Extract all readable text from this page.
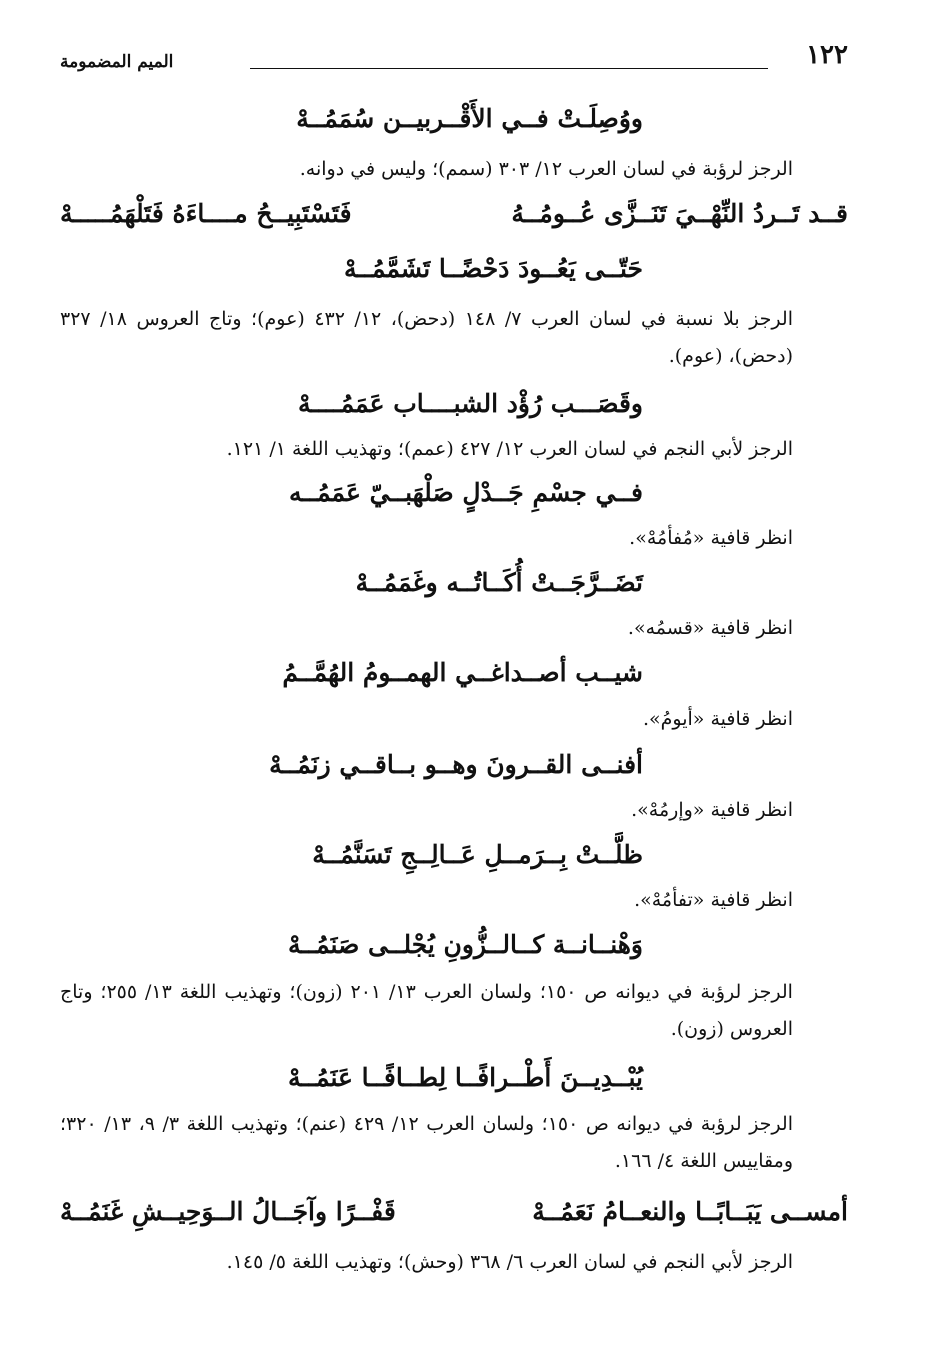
١٢٢
الميم المضمومة
ووُصِلَـتْ فــي الأَقْــربيــن سُمَمُــهْ
الرجز لرؤبة في لسان العرب ١٢/ ٣٠٣ (سمم)؛ وليس في دوانه.
قــد تَــردُ النِّهْــيَ تَنَــزَّى عُــومُــهُ
فَتَسْتَبِيــحُ مــــاءَهُ فَتَلْهَمُـــــهْ
حَتّــى يَعُــودَ دَحْضًــا تَشَمَّمُــهْ
الرجز بلا نسبة في لسان العرب ٧/ ١٤٨ (دحض)، ١٢/ ٤٣٢ (عوم)؛ وتاج العروس ١٨/ ٣٢٧ (دحض)، (عوم).
وقَصَـــب رُؤْد الشبــــاب عَمَمُــــهْ
الرجز لأبي النجم في لسان العرب ١٢/ ٤٢٧ (عمم)؛ وتهذيب اللغة ١/ ١٢١.
فــي جسْمِ جَــدْلٍ صَلْهَبــيّ عَمَمُــه
انظر قافية «مُفأمُهْ».
تَضَــرَّجَــتْ أُكَــاتُــه وغَمَمُــهْ
انظر قافية «قسمُه».
شيــب أصــداغــي الهمــومُ الهُمَّــمُ
انظر قافية «أيومُ».
أفنــى القــرونَ وهــو بــاقــي زنَمُــهْ
انظر قافية «وإرمُهْ».
ظلَّــتْ بِــرَمــلِ عَــالِــجِ تَسَنَّمُــهْ
انظر قافية «تفأمُهْ».
وَهْنــانــة كــالــزُّونِ يُجْلــى صَنَمُــهْ
الرجز لرؤبة في ديوانه ص ١٥٠؛ ولسان العرب ١٣/ ٢٠١ (زون)؛ وتهذيب اللغة ١٣/ ٢٥٥؛ وتاج العروس (زون).
يُبْــدِيــنَ أَطْــرافًــا لِطــافًــا عَنَمُــهْ
الرجز لرؤبة في ديوانه ص ١٥٠؛ ولسان العرب ١٢/ ٤٢٩ (عنم)؛ وتهذيب اللغة ٣/ ٩، ١٣/ ٣٢٠؛ ومقاييس اللغة ٤/ ١٦٦.
أمســى يَبَــابًــا والنعــامُ نَعَمُــهْ
قَفْــرًا وآجَــالُ الــوَحِيــشِ غَنَمُــهْ
الرجز لأبي النجم في لسان العرب ٦/ ٣٦٨ (وحش)؛ وتهذيب اللغة ٥/ ١٤٥.
